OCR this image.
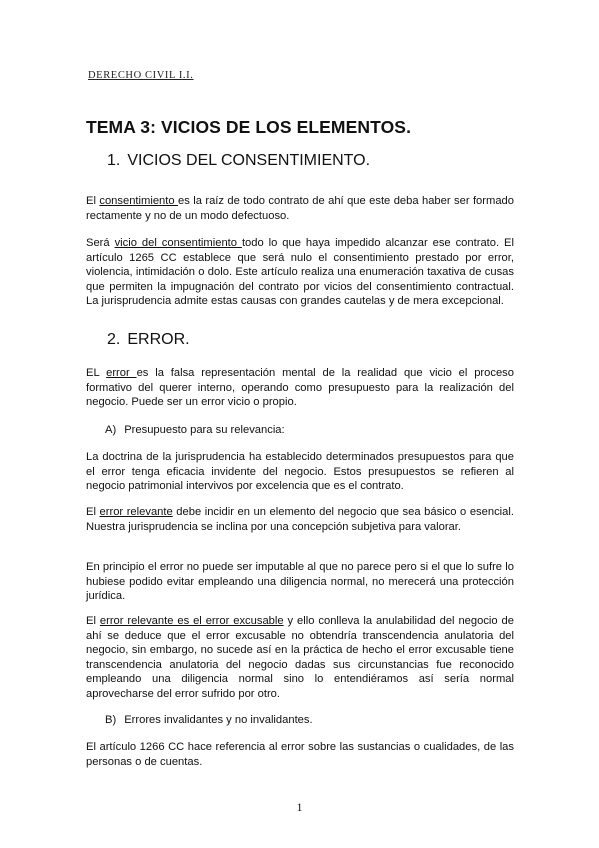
DERECHO CIVIL I.I.
TEMA 3: VICIOS DE LOS ELEMENTOS.
1. VICIOS DEL CONSENTIMIENTO.

El consentimiento es la raíz de todo contrato de ahí que este deba haber ser formado rectamente y no de un modo defectuoso.

Será vicio del consentimiento todo lo que haya impedido alcanzar ese contrato. El artículo 1265 CC establece que será nulo el consentimiento prestado por error, violencia, intimidación o dolo. Este artículo realiza una enumeración taxativa de cusas que permiten la impugnación del contrato por vicios del consentimiento contractual. La jurisprudencia admite estas causas con grandes cautelas y de mera excepcional.

2. ERROR.

EL error es la falsa representación mental de la realidad que vicio el proceso formativo del querer interno, operando como presupuesto para la realización del negocio. Puede ser un error vicio o propio.

A) Presupuesto para su relevancia:

La doctrina de la jurisprudencia ha establecido determinados presupuestos para que el error tenga eficacia invidente del negocio. Estos presupuestos se refieren al negocio patrimonial intervivos por excelencia que es el contrato.

El error relevante debe incidir en un elemento del negocio que sea básico o esencial. Nuestra jurisprudencia se inclina por una concepción subjetiva para valorar.

En principio el error no puede ser imputable al que no parece pero si el que lo sufre lo hubiese podido evitar empleando una diligencia normal, no merecerá una protección jurídica.

El error relevante es el error excusable y ello conlleva la anulabilidad del negocio de ahí se deduce que el error excusable no obtendría transcendencia anulatoria del negocio, sin embargo, no sucede así en la práctica de hecho el error excusable tiene transcendencia anulatoria del negocio dadas sus circunstancias fue reconocido empleando una diligencia normal sino lo entendiéramos así sería normal aprovecharse del error sufrido por otro.

B) Errores invalidantes y no invalidantes.

El artículo 1266 CC hace referencia al error sobre las sustancias o cualidades, de las personas o de cuentas.

1
